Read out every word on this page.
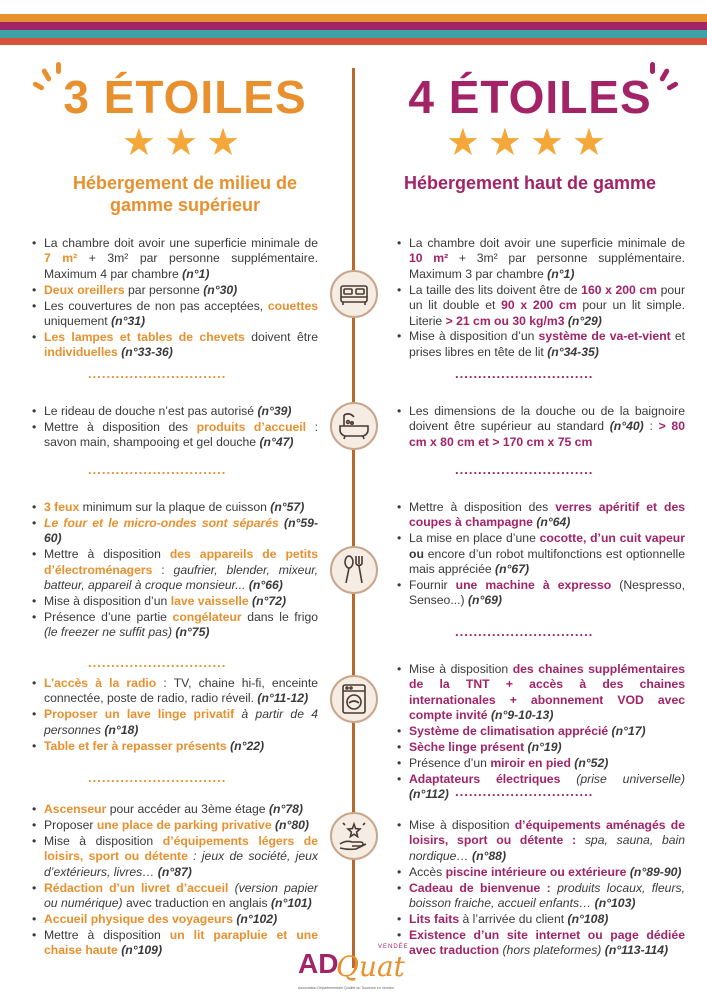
3 ÉTOILES	4 ÉTOILES
★★★	★★★★
Hébergement de milieu de gamme supérieur
Hébergement haut de gamme
• La chambre doit avoir une superficie minimale de 7 m² + 3m² par personne supplémentaire. Maximum 4 par chambre (n°1)
• Deux oreillers par personne (n°30)
• Les couvertures de non pas acceptées, couettes uniquement (n°31)
• Les lampes et tables de chevets doivent être individuelles (n°33-36)
• La chambre doit avoir une superficie minimale de 10 m² + 3m² par personne supplémentaire. Maximum 3 par chambre (n°1)
• La taille des lits doivent être de 160 x 200 cm pour un lit double et 90 x 200 cm pour un lit simple. Literie > 21 cm ou 30 kg/m3 (n°29)
• Mise à disposition d’un système de va-et-vient et prises libres en tête de lit (n°34-35)
..............................	..............................
• Le rideau de douche n’est pas autorisé (n°39)
• Mettre à disposition des produits d’accueil : savon main, shampooing et gel douche (n°47)
• Les dimensions de la douche ou de la baignoire doivent être supérieur au standard (n°40) : > 80 cm x 80 cm et > 170 cm x 75 cm
..............................	..............................
• 3 feux minimum sur la plaque de cuisson (n°57)
• Le four et le micro-ondes sont séparés (n°59-60)
• Mettre à disposition des appareils de petits d’électroménagers : gaufrier, blender, mixeur, batteur, appareil à croque monsieur... (n°66)
• Mise à disposition d’un lave vaisselle (n°72)
• Présence d’une partie congélateur dans le frigo (le freezer ne suffit pas) (n°75)
• Mettre à disposition des verres apéritif et des coupes à champagne (n°64)
• La mise en place d’une cocotte, d’un cuit vapeur ou encore d’un robot multifonctions est optionnelle mais appréciée (n°67)
• Fournir une machine à expresso (Nespresso, Senseo...) (n°69)
..............................
..............................
• L’accès à la radio : TV, chaine hi-fi, enceinte connectée, poste de radio, radio réveil. (n°11-12)
• Proposer un lave linge privatif à partir de 4 personnes (n°18)
• Table et fer à repasser présents (n°22)
• Mise à disposition des chaines supplémentaires de la TNT + accès à des chaines internationales + abonnement VOD avec compte invité (n°9-10-13)
• Système de climatisation apprécié (n°17)
• Sèche linge présent (n°19)
• Présence d’un miroir en pied (n°52)
• Adaptateurs électriques (prise universelle) (n°112) ..............................
..............................
• Ascenseur pour accéder au 3ème étage (n°78)
• Proposer une place de parking privative (n°80)
• Mise à disposition d’équipements légers de loisirs, sport ou détente : jeux de société, jeux d’extérieurs, livres… (n°87)
• Rédaction d’un livret d’accueil (version papier ou numérique) avec traduction en anglais (n°101)
• Accueil physique des voyageurs (n°102)
• Mettre à disposition un lit parapluie et une chaise haute (n°109)
• Mise à disposition d’équipements aménagés de loisirs, sport ou détente : spa, sauna, bain nordique… (n°88)
• Accès piscine intérieure ou extérieure (n°89-90)
• Cadeau de bienvenue : produits locaux, fleurs, boisson fraiche, accueil enfants… (n°103)
• Lits faits à l’arrivée du client (n°108)
• Existence d’un site internet ou page dédiée avec traduction (hors plateformes) (n°113-114)
VENDÉE
AD
Quat
Association Départementale Qualité du Tourisme en Vendée
